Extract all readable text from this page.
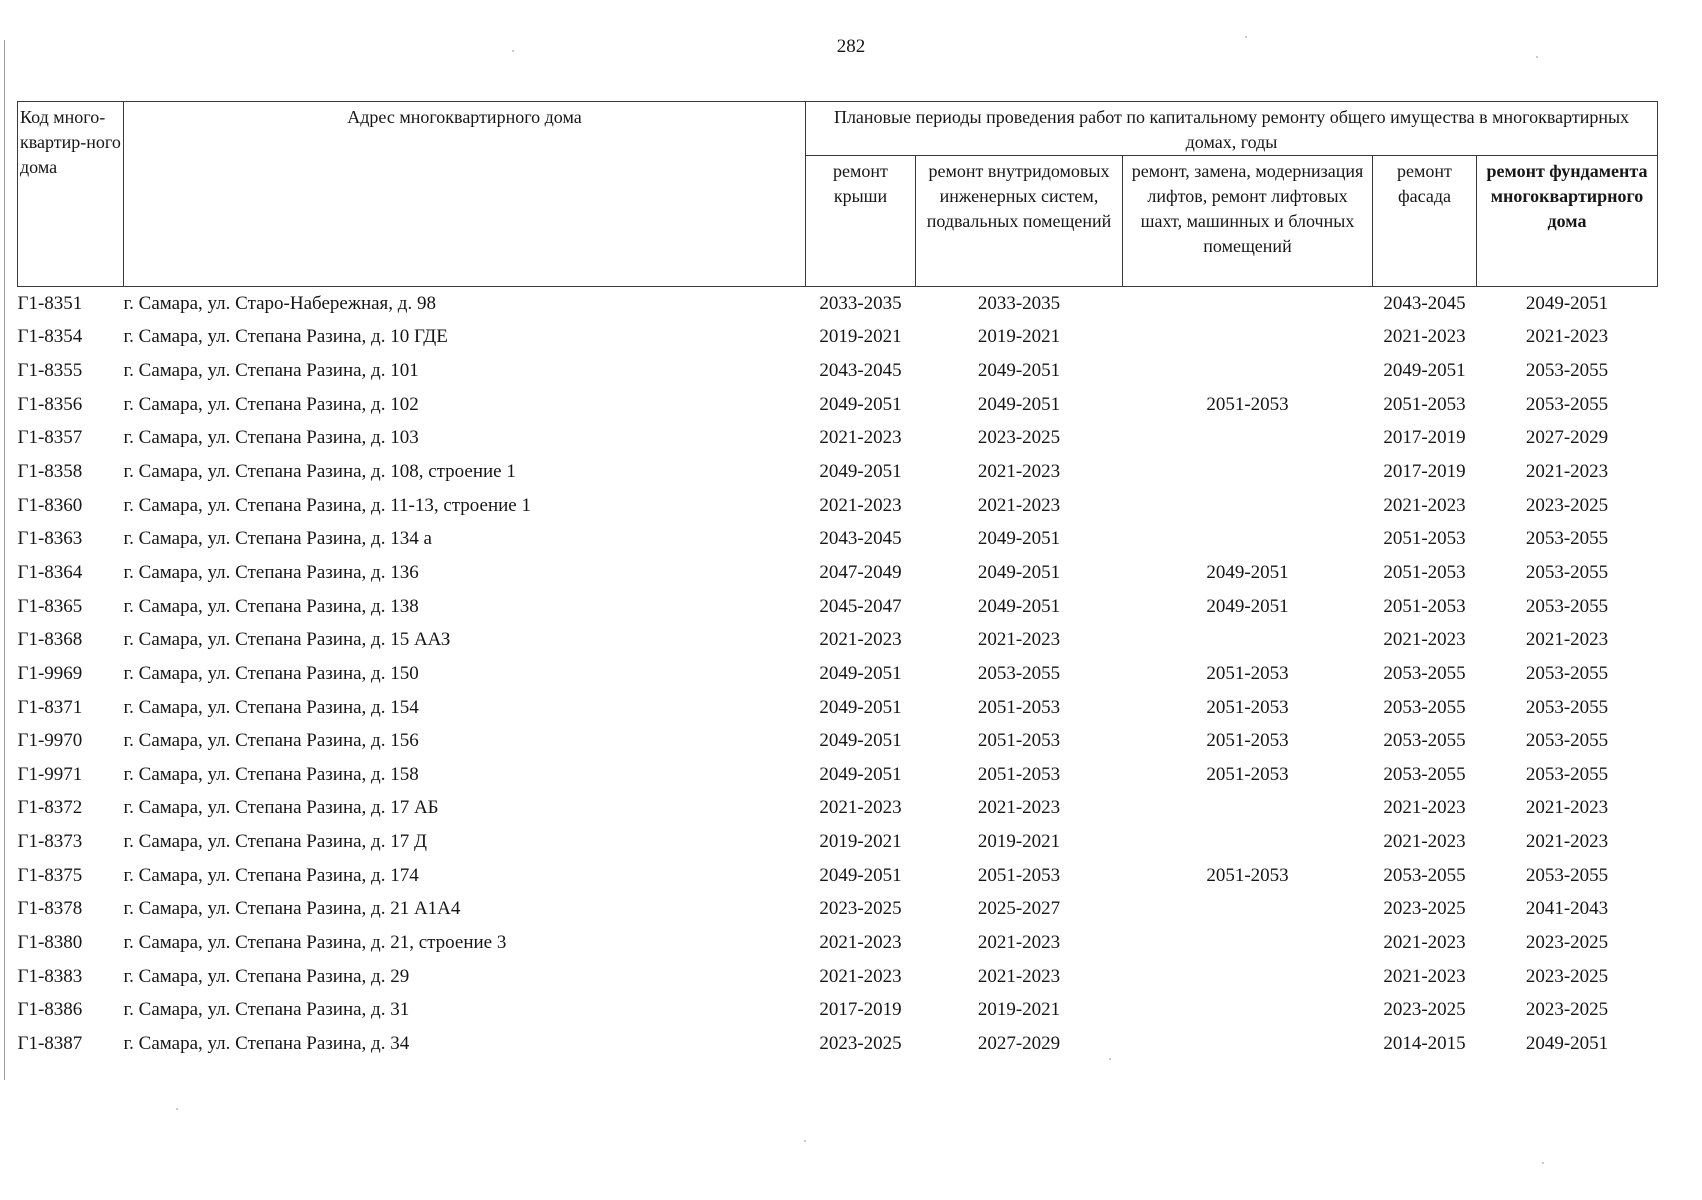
282
Код много-квартир-ного дома	Адрес многоквартирного дома	Плановые периоды проведения работ по капитальному ремонту общего имущества в многоквартирных домах, годы				
		ремонт крыши	ремонт внутридомовых инженерных систем, подвальных помещений	ремонт, замена, модернизация лифтов, ремонт лифтовых шахт, машинных и блочных помещений	ремонт фасада	ремонт фундамента многоквартирного дома
Г1-8351	г. Самара, ул. Старо-Набережная, д. 98	2033-2035	2033-2035		2043-2045	2049-2051
Г1-8354	г. Самара, ул. Степана Разина, д. 10 ГДЕ	2019-2021	2019-2021		2021-2023	2021-2023
Г1-8355	г. Самара, ул. Степана Разина, д. 101	2043-2045	2049-2051		2049-2051	2053-2055
Г1-8356	г. Самара, ул. Степана Разина, д. 102	2049-2051	2049-2051	2051-2053	2051-2053	2053-2055
Г1-8357	г. Самара, ул. Степана Разина, д. 103	2021-2023	2023-2025		2017-2019	2027-2029
Г1-8358	г. Самара, ул. Степана Разина, д. 108, строение 1	2049-2051	2021-2023		2017-2019	2021-2023
Г1-8360	г. Самара, ул. Степана Разина, д. 11-13, строение 1	2021-2023	2021-2023		2021-2023	2023-2025
Г1-8363	г. Самара, ул. Степана Разина, д. 134 а	2043-2045	2049-2051		2051-2053	2053-2055
Г1-8364	г. Самара, ул. Степана Разина, д. 136	2047-2049	2049-2051	2049-2051	2051-2053	2053-2055
Г1-8365	г. Самара, ул. Степана Разина, д. 138	2045-2047	2049-2051	2049-2051	2051-2053	2053-2055
Г1-8368	г. Самара, ул. Степана Разина, д. 15 ААЗ	2021-2023	2021-2023		2021-2023	2021-2023
Г1-9969	г. Самара, ул. Степана Разина, д. 150	2049-2051	2053-2055	2051-2053	2053-2055	2053-2055
Г1-8371	г. Самара, ул. Степана Разина, д. 154	2049-2051	2051-2053	2051-2053	2053-2055	2053-2055
Г1-9970	г. Самара, ул. Степана Разина, д. 156	2049-2051	2051-2053	2051-2053	2053-2055	2053-2055
Г1-9971	г. Самара, ул. Степана Разина, д. 158	2049-2051	2051-2053	2051-2053	2053-2055	2053-2055
Г1-8372	г. Самара, ул. Степана Разина, д. 17 АБ	2021-2023	2021-2023		2021-2023	2021-2023
Г1-8373	г. Самара, ул. Степана Разина, д. 17 Д	2019-2021	2019-2021		2021-2023	2021-2023
Г1-8375	г. Самара, ул. Степана Разина, д. 174	2049-2051	2051-2053	2051-2053	2053-2055	2053-2055
Г1-8378	г. Самара, ул. Степана Разина, д. 21 А1А4	2023-2025	2025-2027		2023-2025	2041-2043
Г1-8380	г. Самара, ул. Степана Разина, д. 21, строение 3	2021-2023	2021-2023		2021-2023	2023-2025
Г1-8383	г. Самара, ул. Степана Разина, д. 29	2021-2023	2021-2023		2021-2023	2023-2025
Г1-8386	г. Самара, ул. Степана Разина, д. 31	2017-2019	2019-2021		2023-2025	2023-2025
Г1-8387	г. Самара, ул. Степана Разина, д. 34	2023-2025	2027-2029		2014-2015	2049-2051
